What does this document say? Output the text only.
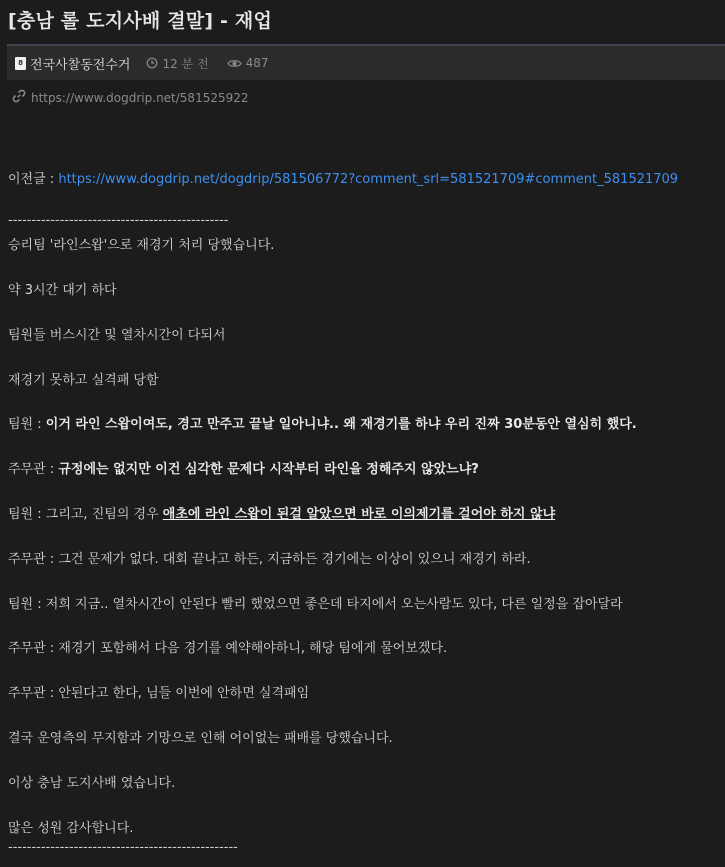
[충남 롤 도지사배 결말] - 재업
8 전국사찰동전수거	12 분 전	487
https://www.dogdrip.net/581525922
이전글 : https://www.dogdrip.net/dogdrip/581506772?comment_srl=581521709#comment_581521709
-----------------------------------------------
승리팀 '라인스왑'으로 재경기 처리 당했습니다.
약 3시간 대기 하다
팀원들 버스시간 및 열차시간이 다되서
재경기 못하고 실격패 당함
팀원 : 이거 라인 스왑이여도, 경고 만주고 끝날 일아니냐.. 왜 재경기를 하냐 우리 진짜 30분동안 열심히 했다.
주무관 : 규정에는 없지만 이건 심각한 문제다 시작부터 라인을 정해주지 않았느냐?
팀원 : 그리고, 진팀의 경우 애초에 라인 스왑이 된걸 알았으면 바로 이의제기를 걸어야 하지 않냐
주무관 : 그건 문제가 없다. 대회 끝나고 하든, 지금하든 경기에는 이상이 있으니 재경기 하라.
팀원 : 저희 지금.. 열차시간이 안된다 빨리 했었으면 좋은데 타지에서 오는사람도 있다, 다른 일정을 잡아달라
주무관 : 재경기 포함해서 다음 경기를 예약해야하니, 해당 팀에게 물어보겠다.
주무관 : 안된다고 한다, 님들 이번에 안하면 실격패임
결국 운영측의 무지함과 기망으로 인해 어이없는 패배를 당했습니다.
이상 충남 도지사배 였습니다.
많은 성원 감사합니다.
-------------------------------------------------
